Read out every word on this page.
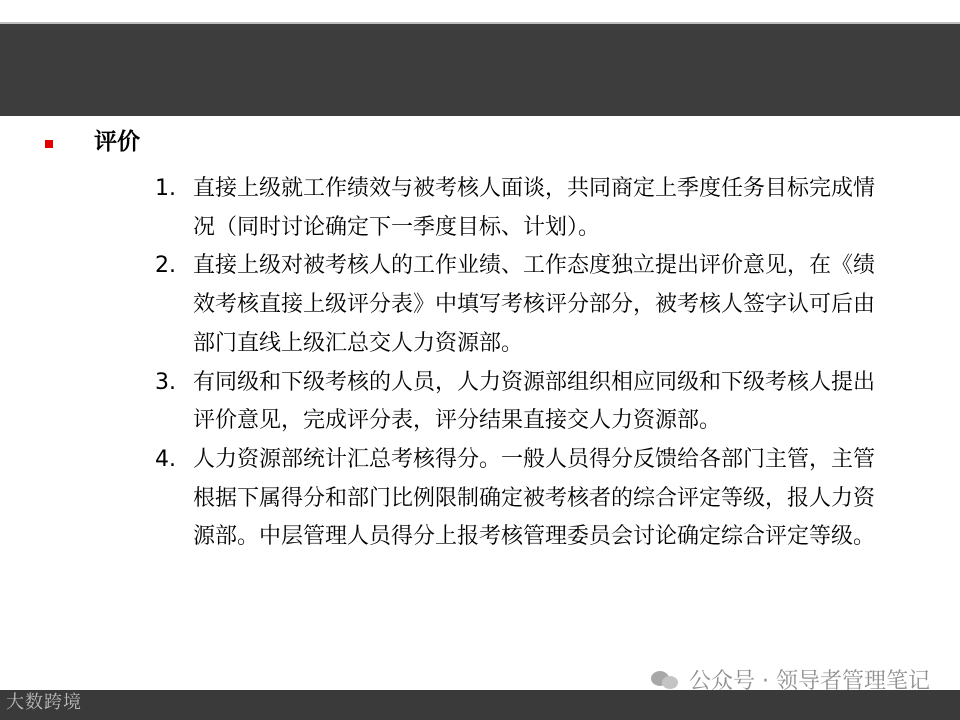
评价
1. 直接上级就工作绩效与被考核人面谈，共同商定上季度任务目标完成情况（同时讨论确定下一季度目标、计划）。
2. 直接上级对被考核人的工作业绩、工作态度独立提出评价意见，在《绩效考核直接上级评分表》中填写考核评分部分，被考核人签字认可后由部门直线上级汇总交人力资源部。
3. 有同级和下级考核的人员，人力资源部组织相应同级和下级考核人提出评价意见，完成评分表，评分结果直接交人力资源部。
4. 人力资源部统计汇总考核得分。一般人员得分反馈给各部门主管，主管根据下属得分和部门比例限制确定被考核者的综合评定等级，报人力资源部。中层管理人员得分上报考核管理委员会讨论确定综合评定等级。
大数跨境
公众号 · 领导者管理笔记
